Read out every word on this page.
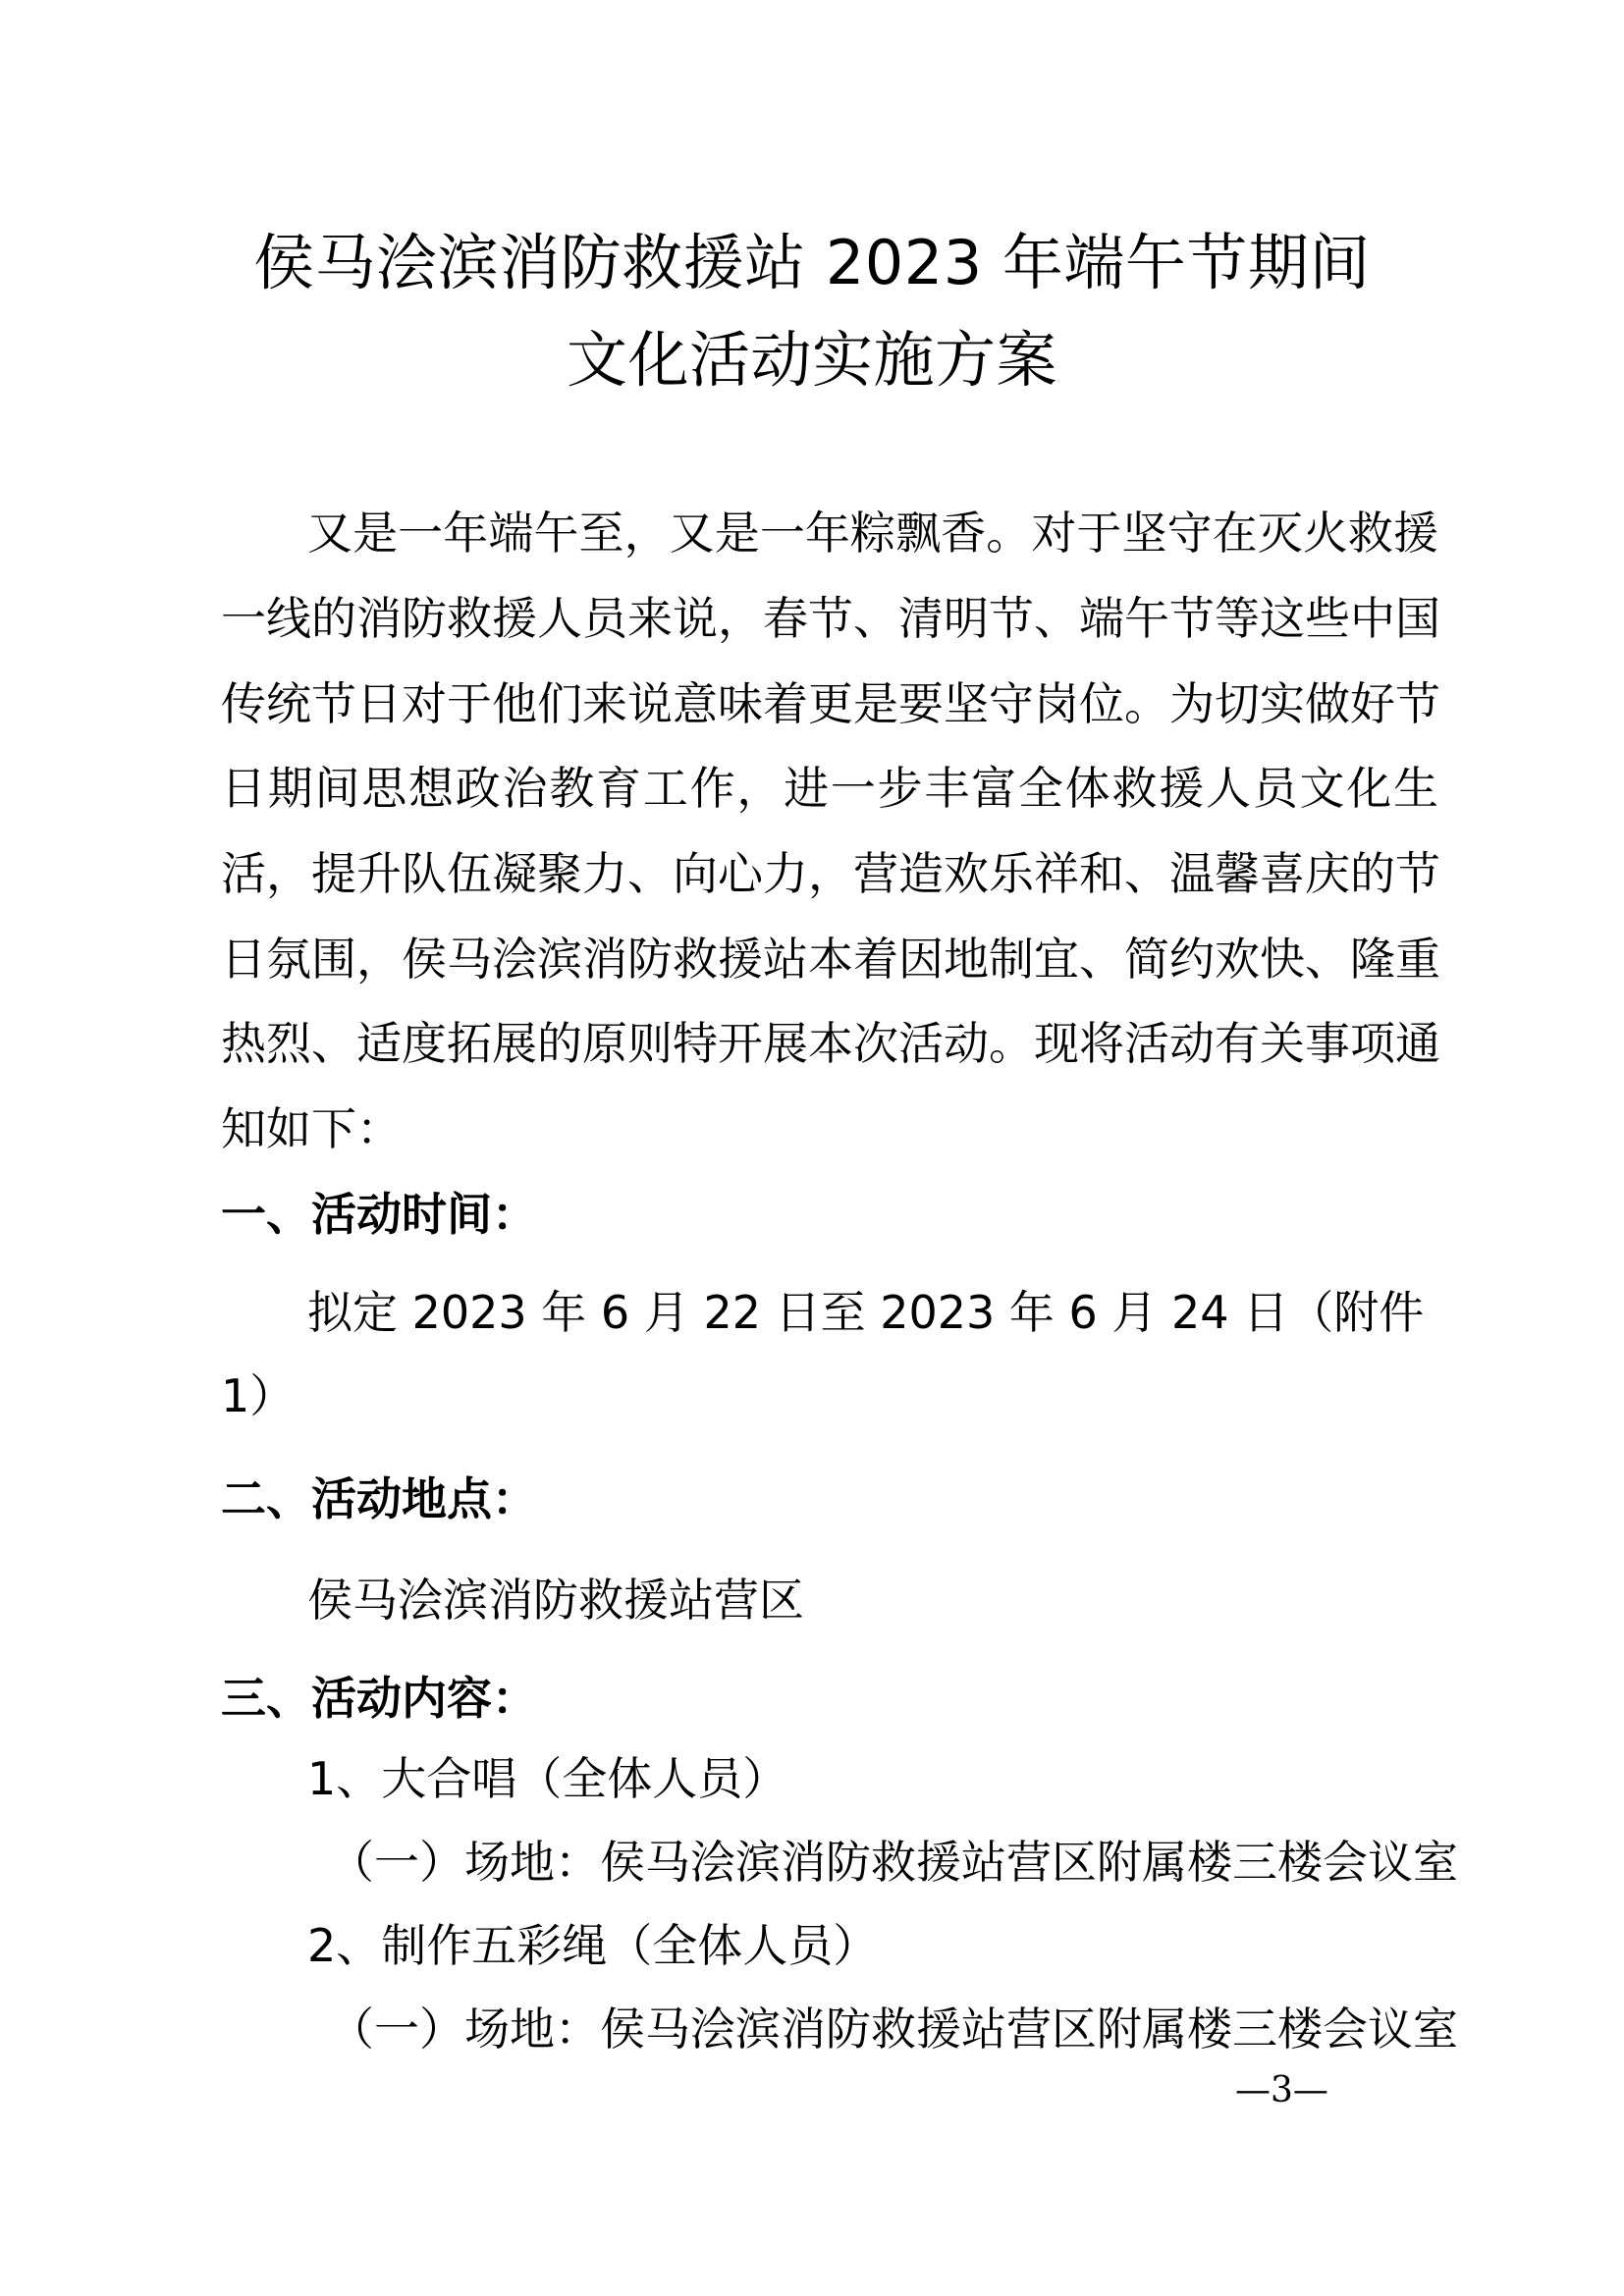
侯马浍滨消防救援站 2023 年端午节期间
文化活动实施方案
又是一年端午至，又是一年粽飘香。对于坚守在灭火救援
一线的消防救援人员来说，春节、清明节、端午节等这些中国
传统节日对于他们来说意味着更是要坚守岗位。为切实做好节
日期间思想政治教育工作，进一步丰富全体救援人员文化生
活，提升队伍凝聚力、向心力，营造欢乐祥和、温馨喜庆的节
日氛围，侯马浍滨消防救援站本着因地制宜、简约欢快、隆重
热烈、适度拓展的原则特开展本次活动。现将活动有关事项通
知如下：
一、活动时间：
拟定 2023 年 6 月 22 日至 2023 年 6 月 24 日（附件
1）
二、活动地点：
侯马浍滨消防救援站营区
三、活动内容：
1、大合唱（全体人员）
（一）场地：侯马浍滨消防救援站营区附属楼三楼会议室
2、制作五彩绳（全体人员）
（一）场地：侯马浍滨消防救援站营区附属楼三楼会议室
—3—
